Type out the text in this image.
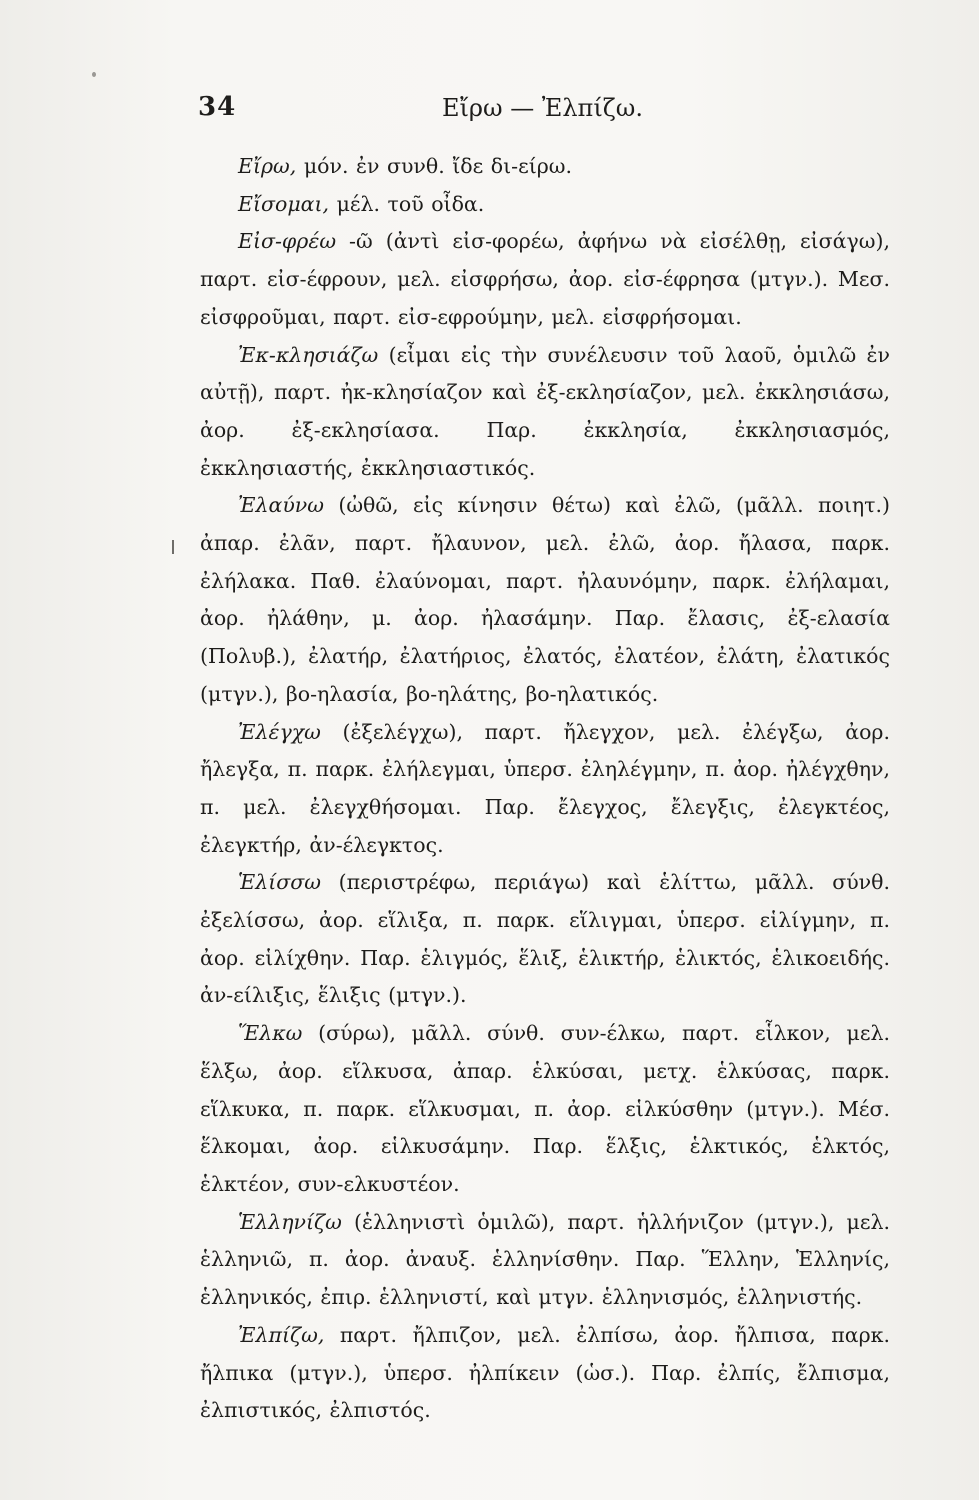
34	Εἴρω — Ἐλπίζω.

Εἴρω, μόν. ἐν συνθ. ἴδε δι-είρω.

Εἴσομαι, μέλ. τοῦ οἶδα.

Εἰσ-φρέω -ῶ (ἀντὶ εἰσ-φορέω, ἀφήνω νὰ εἰσέλθῃ, εἰσάγω), παρτ. εἰσ-έφρουν, μελ. εἰσφρήσω, ἀορ. εἰσ-έφρησα (μτγν.). Μεσ. εἰσφροῦμαι, παρτ. εἰσ-εφρούμην, μελ. εἰσφρήσομαι.

Ἐκ-κλησιάζω (εἶμαι εἰς τὴν συνέλευσιν τοῦ λαοῦ, ὁμιλῶ ἐν αὐτῇ), παρτ. ἠκ-κλησίαζον καὶ ἐξ-εκλησίαζον, μελ. ἐκκλησιάσω, ἀορ. ἐξ-εκλησίασα. Παρ. ἐκκλησία, ἐκκλησιασμός, ἐκκλησιαστής, ἐκκλησιαστικός.

Ἐλαύνω (ὠθῶ, εἰς κίνησιν θέτω) καὶ ἐλῶ, (μᾶλλ. ποιητ.) ἀπαρ. ἐλᾶν, παρτ. ἤλαυνον, μελ. ἐλῶ, ἀορ. ἤλασα, παρκ. ἐλήλακα. Παθ. ἐλαύνομαι, παρτ. ἠλαυνόμην, παρκ. ἐλήλαμαι, ἀορ. ἠλάθην, μ. ἀορ. ἠλασάμην. Παρ. ἔλασις, ἐξ-ελασία (Πολυβ.), ἐλατήρ, ἐλατήριος, ἐλατός, ἐλατέον, ἐλάτη, ἐλατικός (μτγν.), βο-ηλασία, βο-ηλάτης, βο-ηλατικός.

Ἐλέγχω (ἐξελέγχω), παρτ. ἤλεγχον, μελ. ἐλέγξω, ἀορ. ἤλεγξα, π. παρκ. ἐλήλεγμαι, ὑπερσ. ἐληλέγμην, π. ἀορ. ἠλέγχθην, π. μελ. ἐλεγχθήσομαι. Παρ. ἔλεγχος, ἔλεγξις, ἐλεγκτέος, ἐλεγκτήρ, ἀν-έλεγκτος.

Ἑλίσσω (περιστρέφω, περιάγω) καὶ ἑλίττω, μᾶλλ. σύνθ. ἐξελίσσω, ἀορ. εἵλιξα, π. παρκ. εἵλιγμαι, ὑπερσ. εἱλίγμην, π. ἀορ. εἱλίχθην. Παρ. ἑλιγμός, ἕλιξ, ἑλικτήρ, ἑλικτός, ἑλικοειδής. ἀν-είλιξις, ἕλιξις (μτγν.).

Ἕλκω (σύρω), μᾶλλ. σύνθ. συν-έλκω, παρτ. εἷλκον, μελ. ἕλξω, ἀορ. εἵλκυσα, ἀπαρ. ἑλκύσαι, μετχ. ἑλκύσας, παρκ. εἵλκυκα, π. παρκ. εἵλκυσμαι, π. ἀορ. εἱλκύσθην (μτγν.). Μέσ. ἕλκομαι, ἀορ. εἱλκυσάμην. Παρ. ἕλξις, ἑλκτικός, ἑλκτός, ἑλκτέον, συν-ελκυστέον.

Ἑλληνίζω (ἑλληνιστὶ ὁμιλῶ), παρτ. ἡλλήνιζον (μτγν.), μελ. ἑλληνιῶ, π. ἀορ. ἀναυξ. ἑλληνίσθην. Παρ. Ἕλλην, Ἑλληνίς, ἑλληνικός, ἐπιρ. ἑλληνιστί, καὶ μτγν. ἑλληνισμός, ἑλληνιστής.

Ἐλπίζω, παρτ. ἤλπιζον, μελ. ἐλπίσω, ἀορ. ἤλπισα, παρκ. ἤλπικα (μτγν.), ὑπερσ. ἠλπίκειν (ὡσ.). Παρ. ἐλπίς, ἔλπισμα, ἐλπιστικός, ἐλπιστός.
